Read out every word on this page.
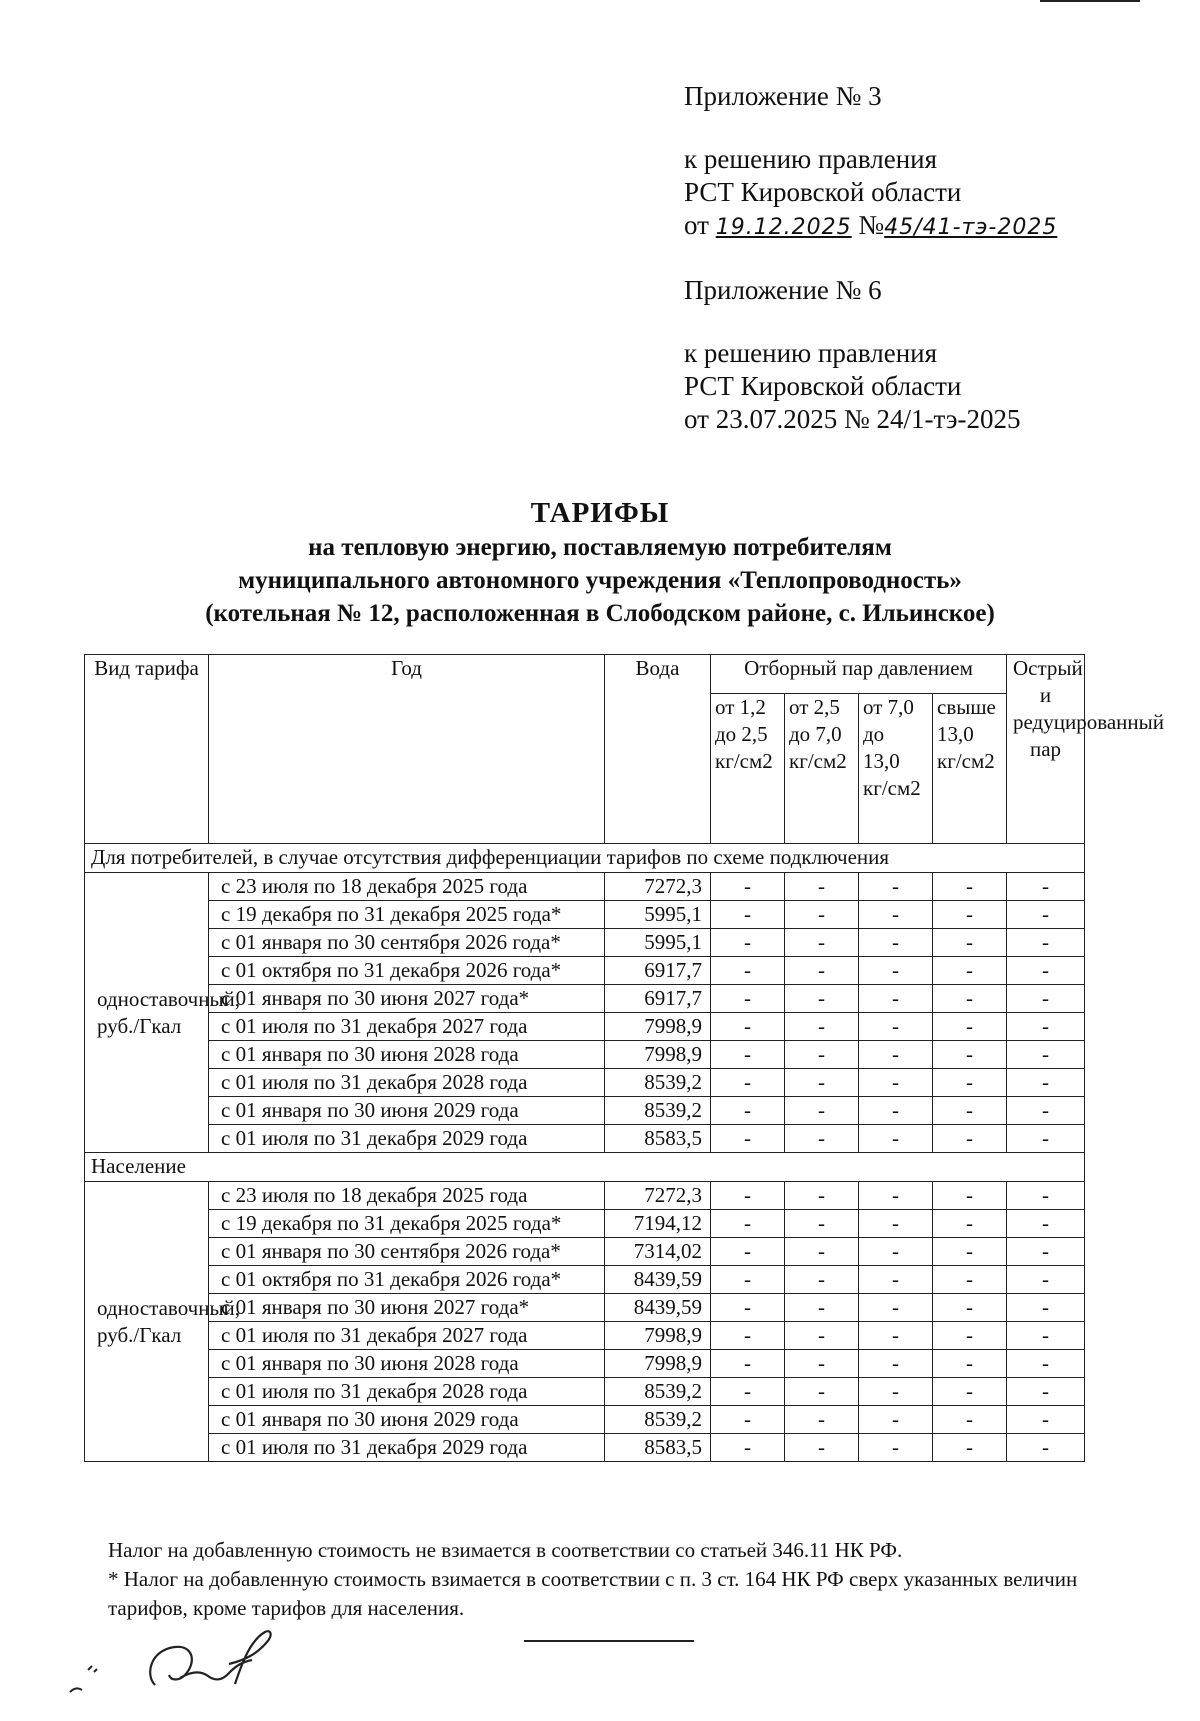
Приложение № 3
к решению правления
РСТ Кировской области
от 19.12.2025 №45/41-тэ-2025
Приложение № 6
к решению правления
РСТ Кировской области
от 23.07.2025 № 24/1-тэ-2025
ТАРИФЫ
на тепловую энергию, поставляемую потребителям
муниципального автономного учреждения «Теплопроводность»
(котельная № 12, расположенная в Слободском районе, с. Ильинское)
Вид тарифа	Год	Вода	Отборный пар давлением				Острый и редуцированный пар
			от 1,2 до 2,5 кг/см2	от 2,5 до 7,0 кг/см2	от 7,0 до 13,0 кг/см2	свыше 13,0 кг/см2	
Для потребителей, в случае отсутствия дифференциации тарифов по схеме подключения							
одноставочный, руб./Гкал	с 23 июля по 18 декабря 2025 года	7272,3	-	-	-	-	-
	с 19 декабря по 31 декабря 2025 года*	5995,1	-	-	-	-	-
	с 01 января по 30 сентября 2026 года*	5995,1	-	-	-	-	-
	с 01 октября по 31 декабря 2026 года*	6917,7	-	-	-	-	-
	с 01 января по 30 июня 2027 года*	6917,7	-	-	-	-	-
	с 01 июля по 31 декабря 2027 года	7998,9	-	-	-	-	-
	с 01 января по 30 июня 2028 года	7998,9	-	-	-	-	-
	с 01 июля по 31 декабря 2028 года	8539,2	-	-	-	-	-
	с 01 января по 30 июня 2029 года	8539,2	-	-	-	-	-
	с 01 июля по 31 декабря 2029 года	8583,5	-	-	-	-	-
Население							
одноставочный, руб./Гкал	с 23 июля по 18 декабря 2025 года	7272,3	-	-	-	-	-
	с 19 декабря по 31 декабря 2025 года*	7194,12	-	-	-	-	-
	с 01 января по 30 сентября 2026 года*	7314,02	-	-	-	-	-
	с 01 октября по 31 декабря 2026 года*	8439,59	-	-	-	-	-
	с 01 января по 30 июня 2027 года*	8439,59	-	-	-	-	-
	с 01 июля по 31 декабря 2027 года	7998,9	-	-	-	-	-
	с 01 января по 30 июня 2028 года	7998,9	-	-	-	-	-
	с 01 июля по 31 декабря 2028 года	8539,2	-	-	-	-	-
	с 01 января по 30 июня 2029 года	8539,2	-	-	-	-	-
	с 01 июля по 31 декабря 2029 года	8583,5	-	-	-	-	-
Налог на добавленную стоимость не взимается в соответствии со статьей 346.11 НК РФ.
* Налог на добавленную стоимость взимается в соответствии с п. 3 ст. 164 НК РФ сверх указанных величин тарифов, кроме тарифов для населения.
